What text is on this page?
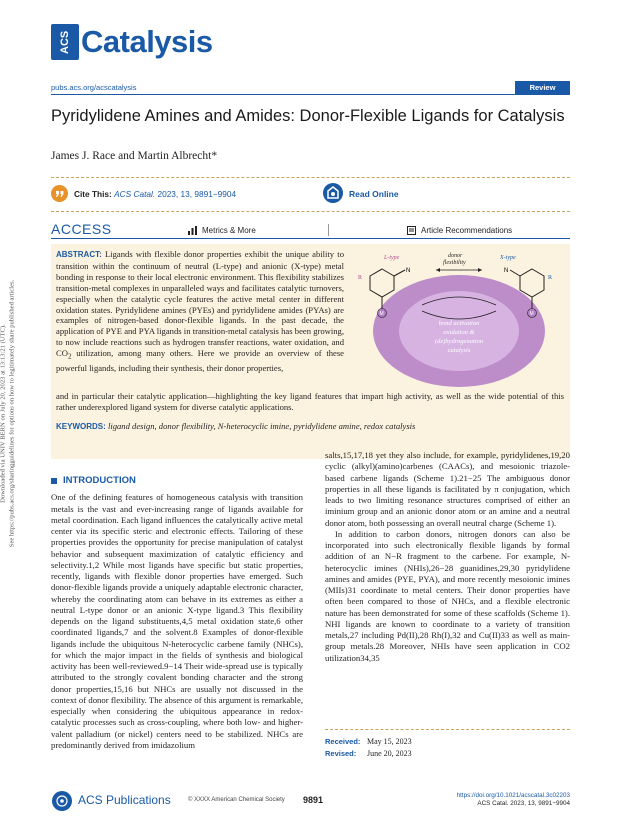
Downloaded via UNIV BERN on July 20, 2023 at 13:13:21 (UTC). See https://pubs.acs.org/sharingguidelines for options on how to legitimately share published articles.
ACS Catalysis
pubs.acs.org/acscatalysis	Review
Pyridylidene Amines and Amides: Donor-Flexible Ligands for Catalysis
James J. Race and Martin Albrecht*
Cite This: ACS Catal. 2023, 13, 9891−9904	Read Online
ACCESS	Metrics & More	Article Recommendations
ABSTRACT: Ligands with flexible donor properties exhibit the unique ability to transition within the continuum of neutral (L-type) and anionic (X-type) metal bonding in response to their local electronic environment. This flexibility stabilizes transition-metal complexes in unparalleled ways and facilitates catalytic turnovers, especially when the catalytic cycle features the active metal center in different oxidation states. Pyridylidene amines (PYEs) and pyridylidene amides (PYAs) are examples of nitrogen-based donor-flexible ligands. In the past decade, the application of PYE and PYA ligands in transition-metal catalysis has been growing, to now include reactions such as hydrogen transfer reactions, water oxidation, and $CO_2$ utilization, among many others. Here we provide an overview of these powerful ligands, including their synthesis, their donor properties,
and in particular their catalytic application—highlighting the key ligand features that impart high activity, as well as the wide potential of this rather underexplored ligand system for diverse catalytic applications.
KEYWORDS: ligand design, donor flexibility, N-heterocyclic imine, pyridylidene amine, redox catalysis
L-type	X-type
donor
flexibility
N
M
R
N
M
R
bond activation
oxidation &
(de)hydrogenation
catalysis
INTRODUCTION

One of the defining features of homogeneous catalysis with transition metals is the vast and ever-increasing range of ligands available for metal coordination. Each ligand influences the catalytically active metal center via its specific steric and electronic effects. Tailoring of these properties provides the opportunity for precise manipulation of catalyst behavior and subsequent maximization of catalytic efficiency and selectivity.1,2 While most ligands have specific but static properties, recently, ligands with flexible donor properties have emerged. Such donor-flexible ligands provide a uniquely adaptable electronic character, whereby the coordinating atom can behave in its extremes as either a neutral L-type donor or an anionic X-type ligand.3 This flexibility depends on the ligand substituents,4,5 metal oxidation state,6 other coordinated ligands,7 and the solvent.8 Examples of donor-flexible ligands include the ubiquitous N-heterocyclic carbene family (NHCs), for which the major impact in the fields of synthesis and biological activity has been well-reviewed.9−14 Their wide-spread use is typically attributed to the strongly covalent bonding character and the strong donor properties,15,16 but NHCs are usually not discussed in the context of donor flexibility. The absence of this argument is remarkable, especially when considering the ubiquitous appearance in redox-catalytic processes such as cross-coupling, where both low- and higher-valent palladium (or nickel) centers need to be stabilized. NHCs are predominantly derived from imidazolium

salts,15,17,18 yet they also include, for example, pyridylidenes,19,20 cyclic (alkyl)(amino)carbenes (CAACs), and mesoionic triazole-based carbene ligands (Scheme 1).21−25 The ambiguous donor properties in all these ligands is facilitated by π conjugation, which leads to two limiting resonance structures comprised of either an iminium group and an anionic donor atom or an amine and a neutral donor atom, both possessing an overall neutral charge (Scheme 1).

In addition to carbon donors, nitrogen donors can also be incorporated into such electronically flexible ligands by formal addition of an N−R fragment to the carbene. For example, N-heterocyclic imines (NHIs),26−28 guanidines,29,30 pyridylidene amines and amides (PYE, PYA), and more recently mesoionic imines (MIIs)31 coordinate to metal centers. Their donor properties have often been compared to those of NHCs, and a flexible electronic nature has been demonstrated for some of these scaffolds (Scheme 1). NHI ligands are known to coordinate to a variety of transition metals,27 including Pd(II),28 Rh(I),32 and Cu(II)33 as well as main-group metals.28 Moreover, NHIs have seen application in CO2 utilization34,35

Received: May 15, 2023
Revised: June 20, 2023
ACS Publications	© XXXX American Chemical Society 9891	https://doi.org/10.1021/acscatal.3c02203
ACS Catal. 2023, 13, 9891−9904
